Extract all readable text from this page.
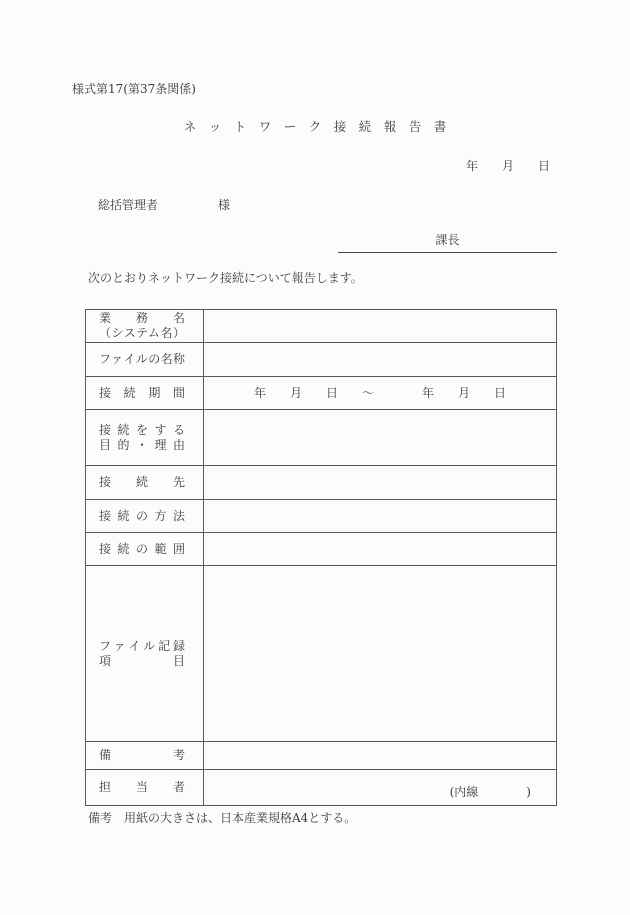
様式第17(第37条関係)
ネ　ッ　ト　ワ　ー　ク　接　続　報　告　書
年　　月　　日
総括管理者　　　　　様
課長
次のとおりネットワーク接続について報告します。
業務名
（システム名）
ファイルの名称
接続期間	年　　月　　日　　～　　　　年　　月　　日
接続をする
目的・理由
接続先
接続の方法
接続の範囲
ファイル記録
項目
備考
担当者	(内線　　　　)
備考　用紙の大きさは、日本産業規格A4とする。
